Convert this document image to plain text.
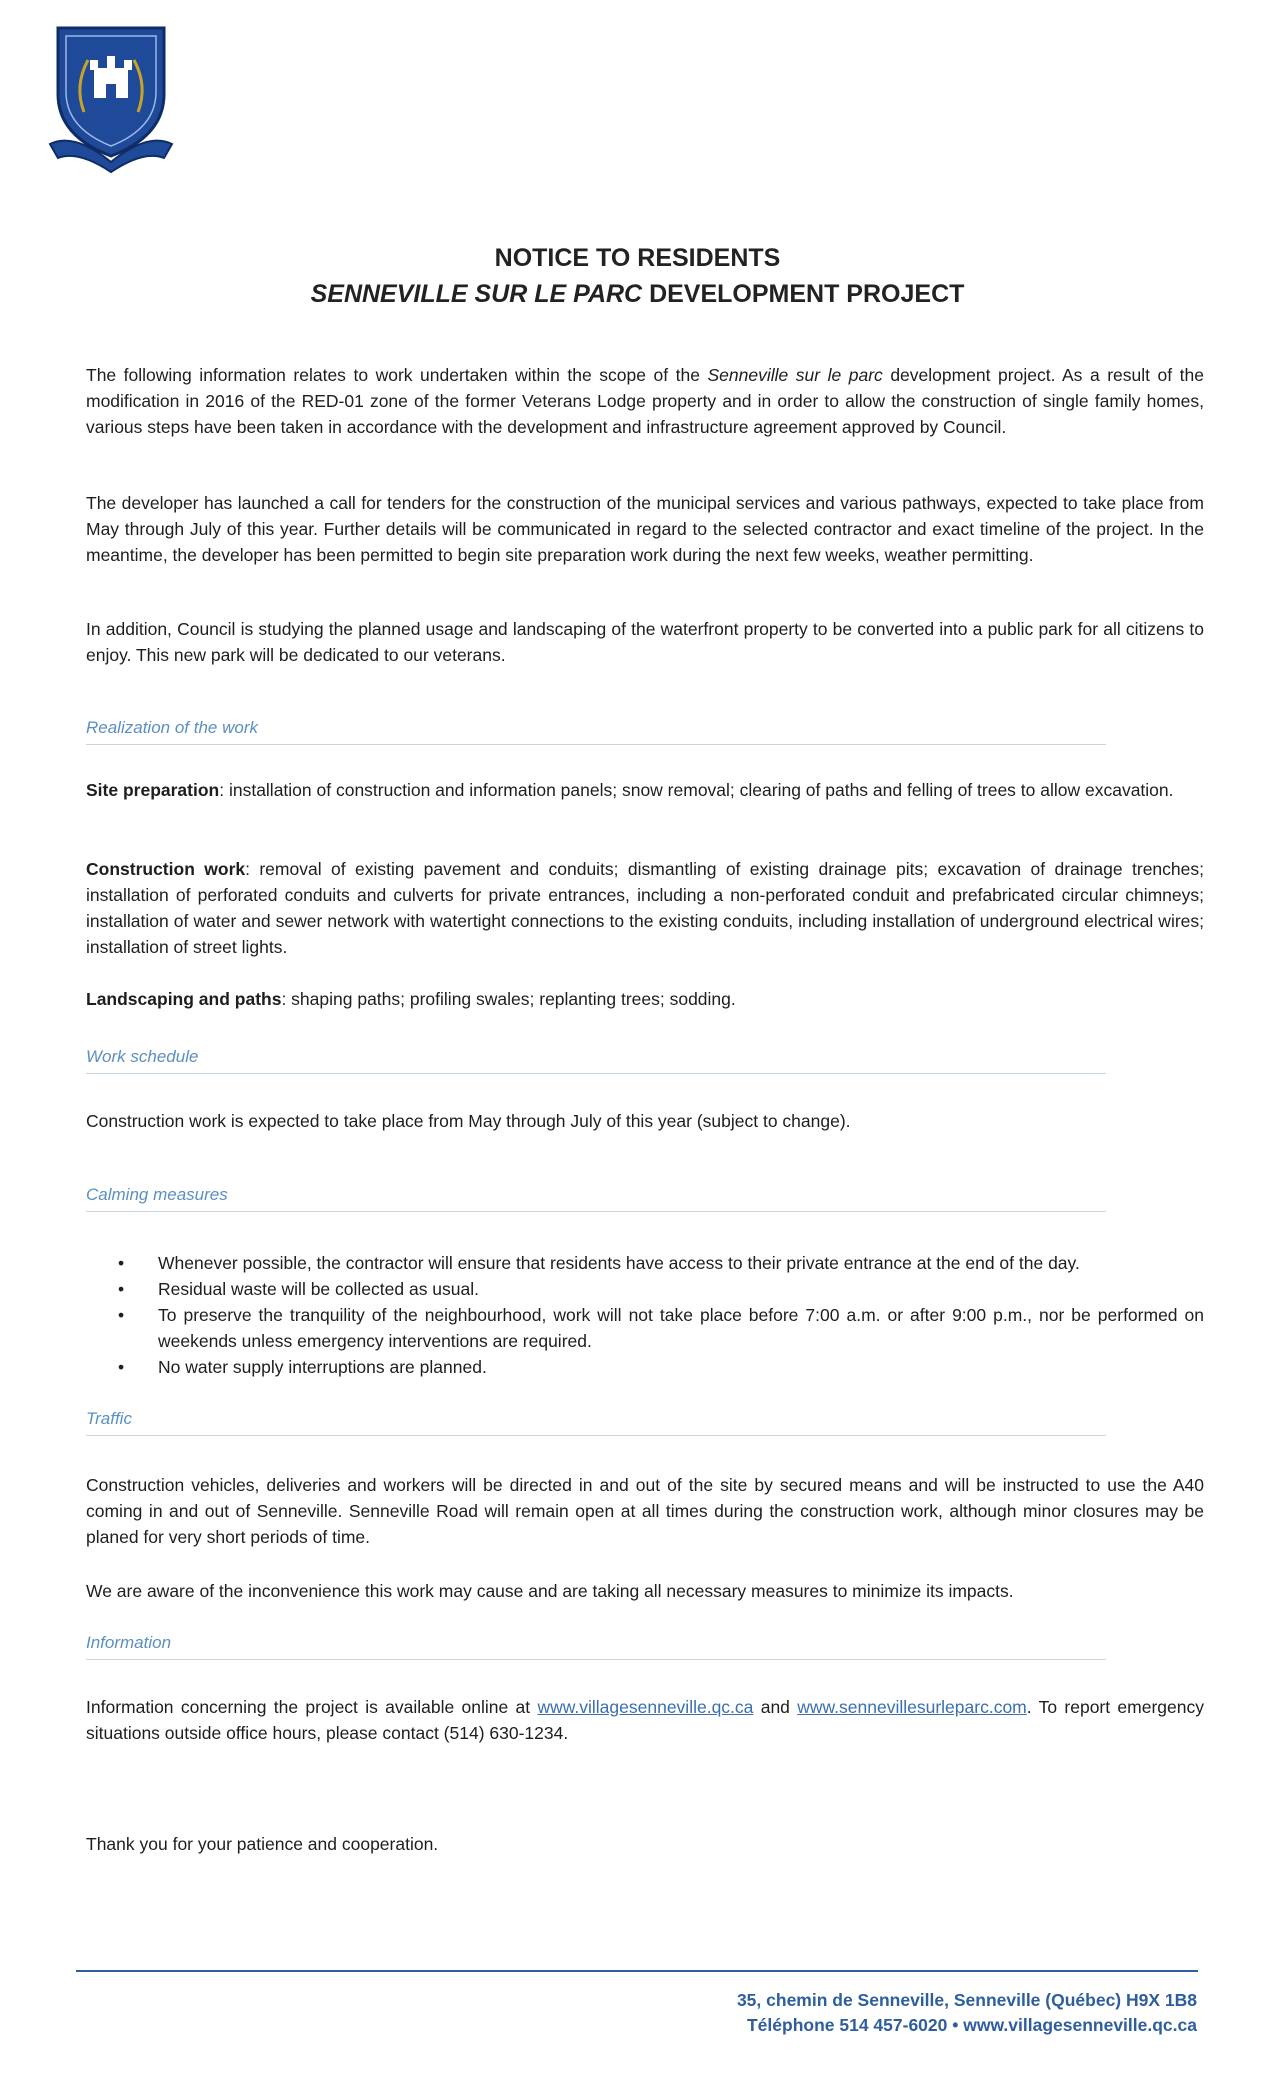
NOTICE TO RESIDENTS
SENNEVILLE SUR LE PARC DEVELOPMENT PROJECT
The following information relates to work undertaken within the scope of the Senneville sur le parc development project. As a result of the modification in 2016 of the RED-01 zone of the former Veterans Lodge property and in order to allow the construction of single family homes, various steps have been taken in accordance with the development and infrastructure agreement approved by Council.
The developer has launched a call for tenders for the construction of the municipal services and various pathways, expected to take place from May through July of this year. Further details will be communicated in regard to the selected contractor and exact timeline of the project. In the meantime, the developer has been permitted to begin site preparation work during the next few weeks, weather permitting.
In addition, Council is studying the planned usage and landscaping of the waterfront property to be converted into a public park for all citizens to enjoy. This new park will be dedicated to our veterans.
Realization of the work
Site preparation: installation of construction and information panels; snow removal; clearing of paths and felling of trees to allow excavation.
Construction work: removal of existing pavement and conduits; dismantling of existing drainage pits; excavation of drainage trenches; installation of perforated conduits and culverts for private entrances, including a non-perforated conduit and prefabricated circular chimneys; installation of water and sewer network with watertight connections to the existing conduits, including installation of underground electrical wires; installation of street lights.
Landscaping and paths: shaping paths; profiling swales; replanting trees; sodding.
Work schedule
Construction work is expected to take place from May through July of this year (subject to change).
Calming measures
• Whenever possible, the contractor will ensure that residents have access to their private entrance at the end of the day.
• Residual waste will be collected as usual.
• To preserve the tranquility of the neighbourhood, work will not take place before 7:00 a.m. or after 9:00 p.m., nor be performed on weekends unless emergency interventions are required.
• No water supply interruptions are planned.
Traffic
Construction vehicles, deliveries and workers will be directed in and out of the site by secured means and will be instructed to use the A40 coming in and out of Senneville. Senneville Road will remain open at all times during the construction work, although minor closures may be planed for very short periods of time.
We are aware of the inconvenience this work may cause and are taking all necessary measures to minimize its impacts.
Information
Information concerning the project is available online at www.villagesenneville.qc.ca and www.sennevillesurleparc.com. To report emergency situations outside office hours, please contact (514) 630-1234.
Thank you for your patience and cooperation.
35, chemin de Senneville, Senneville (Québec) H9X 1B8
Téléphone 514 457-6020 • www.villagesenneville.qc.ca
